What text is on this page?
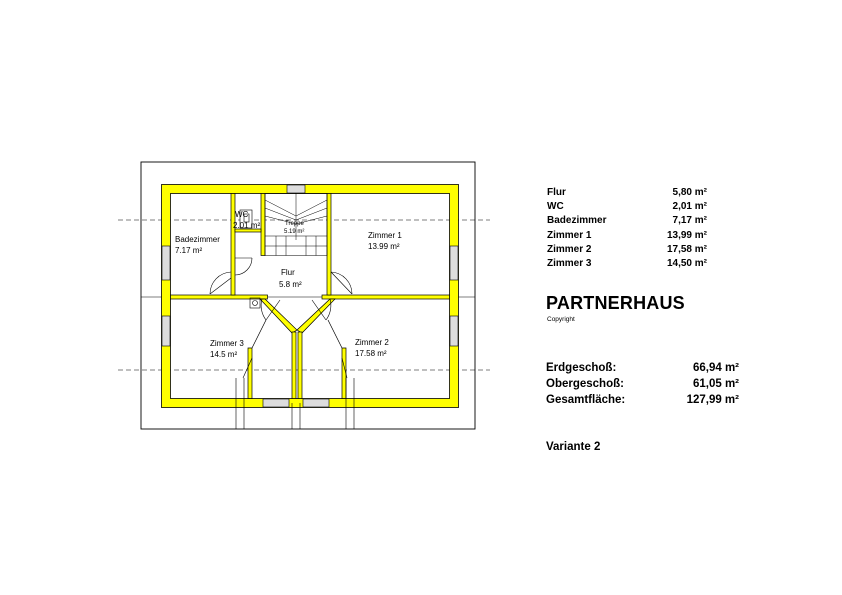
Badezimmer
7.17 m²
WC
2.01 m²	Treppe
5.19 m²	Zimmer 1
13.99 m²
Flur
5.8 m²
Zimmer 3
14.5 m²
Zimmer 2
17.58 m²
Flur	5,80 m²
WC	2,01 m²
Badezimmer	7,17 m²
Zimmer 1	13,99 m²
Zimmer 2	17,58 m²
Zimmer 3	14,50 m²
PARTNERHAUS
Copyright
Erdgeschoß:	66,94 m²
Obergeschoß:	61,05 m²
Gesamtfläche:	127,99 m²
Variante 2
